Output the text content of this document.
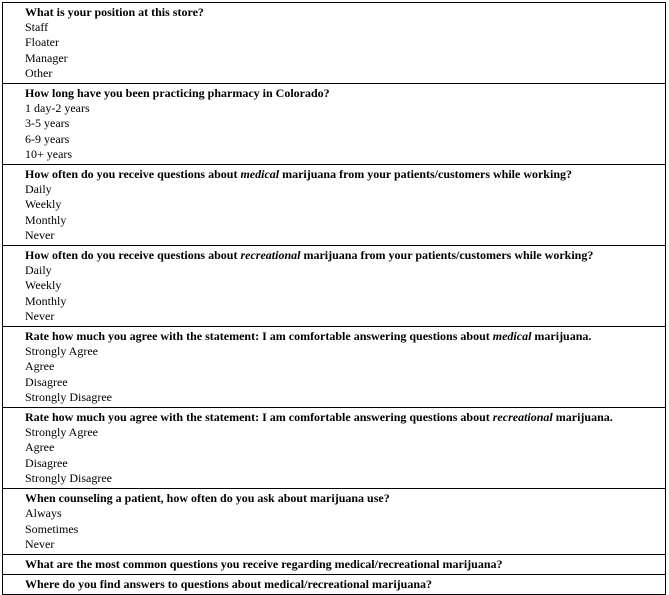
What is your position at this store?
Staff
Floater
Manager
Other

How long have you been practicing pharmacy in Colorado?
1 day-2 years
3-5 years
6-9 years
10+ years

How often do you receive questions about medical marijuana from your patients/customers while working?
Daily
Weekly
Monthly
Never

How often do you receive questions about recreational marijuana from your patients/customers while working?
Daily
Weekly
Monthly
Never

Rate how much you agree with the statement: I am comfortable answering questions about medical marijuana.
Strongly Agree
Agree
Disagree
Strongly Disagree

Rate how much you agree with the statement: I am comfortable answering questions about recreational marijuana.
Strongly Agree
Agree
Disagree
Strongly Disagree

When counseling a patient, how often do you ask about marijuana use?
Always
Sometimes
Never

What are the most common questions you receive regarding medical/recreational marijuana?

Where do you find answers to questions about medical/recreational marijuana?
